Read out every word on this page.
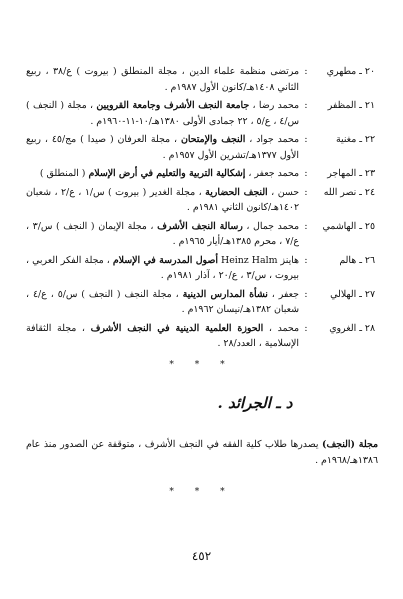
٢٠ ـ مطهري
:
مرتضى منظمة علماء الدين ، مجلة المنطلق ( بيروت ) ع/٣٨ ، ربيع الثاني ١٤٠٨هـ/كانون الأول ١٩٨٧م .
٢١ ـ المظفر
:
محمد رضا ، جامعة النجف الأشرف وجامعة القرويين ، مجلة ( النجف ) س/٤ ، ع/٥ ، ٢٢ جمادى الأولى ١٣٨٠هـ/١٠-١١-١٩٦٠م .
٢٢ ـ مغنية
:
محمد جواد ، النجف والإمتحان ، مجلة العرفان ( صيدا ) مج/٤٥ ، ربيع الأول ١٣٧٧هـ/تشرين الأول ١٩٥٧م .
٢٣ ـ المهاجر
:
محمد جعفر ، إشكالية التربية والتعليم في أرض الإسلام ( المنطلق )
٢٤ ـ نصر الله
:
حسن ، النجف الحضارية ، مجلة الغدير ( بيروت ) س/١ ، ع/٢ ، شعبان ١٤٠٢هـ/كانون الثاني ١٩٨١م .
٢٥ ـ الهاشمي
:
محمد جمال ، رسالة النجف الأشرف ، مجلة الإيمان ( النجف ) س/٣ ، ع/٧ ، محرم ١٣٨٥هـ/أيار ١٩٦٥م .
٢٦ ـ هالم
:
هاينز Heinz Halm أصول المدرسة في الإسلام ، مجلة الفكر العربي ، بيروت ، س/٣ ، ع/٢٠ ، آذار ١٩٨١م .
٢٧ ـ الهلالي
:
جعفر ، نشأة المدارس الدينية ، مجلة النجف ( النجف ) س/٥ ، ع/٤ ، شعبان ١٣٨٢هـ/نيسان ١٩٦٢م .
٢٨ ـ الغروي
:
محمد ، الحوزة العلمية الدينية في النجف الأشرف ، مجلة الثقافة الإسلامية ، العدد/٢٨ .
* * *
د ـ الجرائد .
مجلة (النجف) يصدرها طلاب كلية الفقه في النجف الأشرف ، متوقفة عن الصدور منذ عام ١٣٨٦هـ/١٩٦٨م .
* * *
٤٥٢
